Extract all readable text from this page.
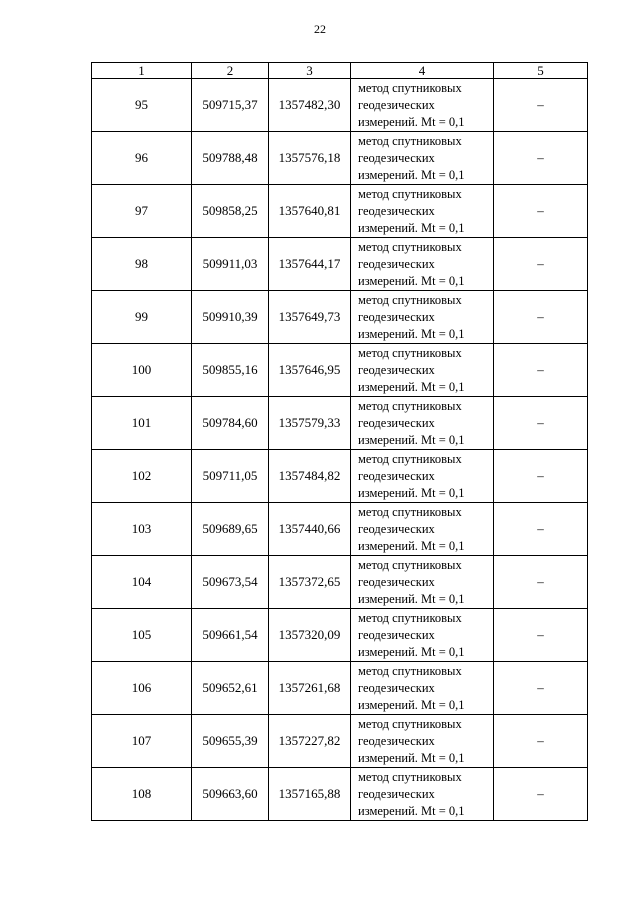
22
1	2	3	4	5
95	509715,37	1357482,30	метод спутниковых
геодезических
измерений. Mt = 0,1	–
96	509788,48	1357576,18	метод спутниковых
геодезических
измерений. Mt = 0,1	–
97	509858,25	1357640,81	метод спутниковых
геодезических
измерений. Mt = 0,1	–
98	509911,03	1357644,17	метод спутниковых
геодезических
измерений. Mt = 0,1	–
99	509910,39	1357649,73	метод спутниковых
геодезических
измерений. Mt = 0,1	–
100	509855,16	1357646,95	метод спутниковых
геодезических
измерений. Mt = 0,1	–
101	509784,60	1357579,33	метод спутниковых
геодезических
измерений. Mt = 0,1	–
102	509711,05	1357484,82	метод спутниковых
геодезических
измерений. Mt = 0,1	–
103	509689,65	1357440,66	метод спутниковых
геодезических
измерений. Mt = 0,1	–
104	509673,54	1357372,65	метод спутниковых
геодезических
измерений. Mt = 0,1	–
105	509661,54	1357320,09	метод спутниковых
геодезических
измерений. Mt = 0,1	–
106	509652,61	1357261,68	метод спутниковых
геодезических
измерений. Mt = 0,1	–
107	509655,39	1357227,82	метод спутниковых
геодезических
измерений. Mt = 0,1	–
108	509663,60	1357165,88	метод спутниковых
геодезических
измерений. Mt = 0,1	–
